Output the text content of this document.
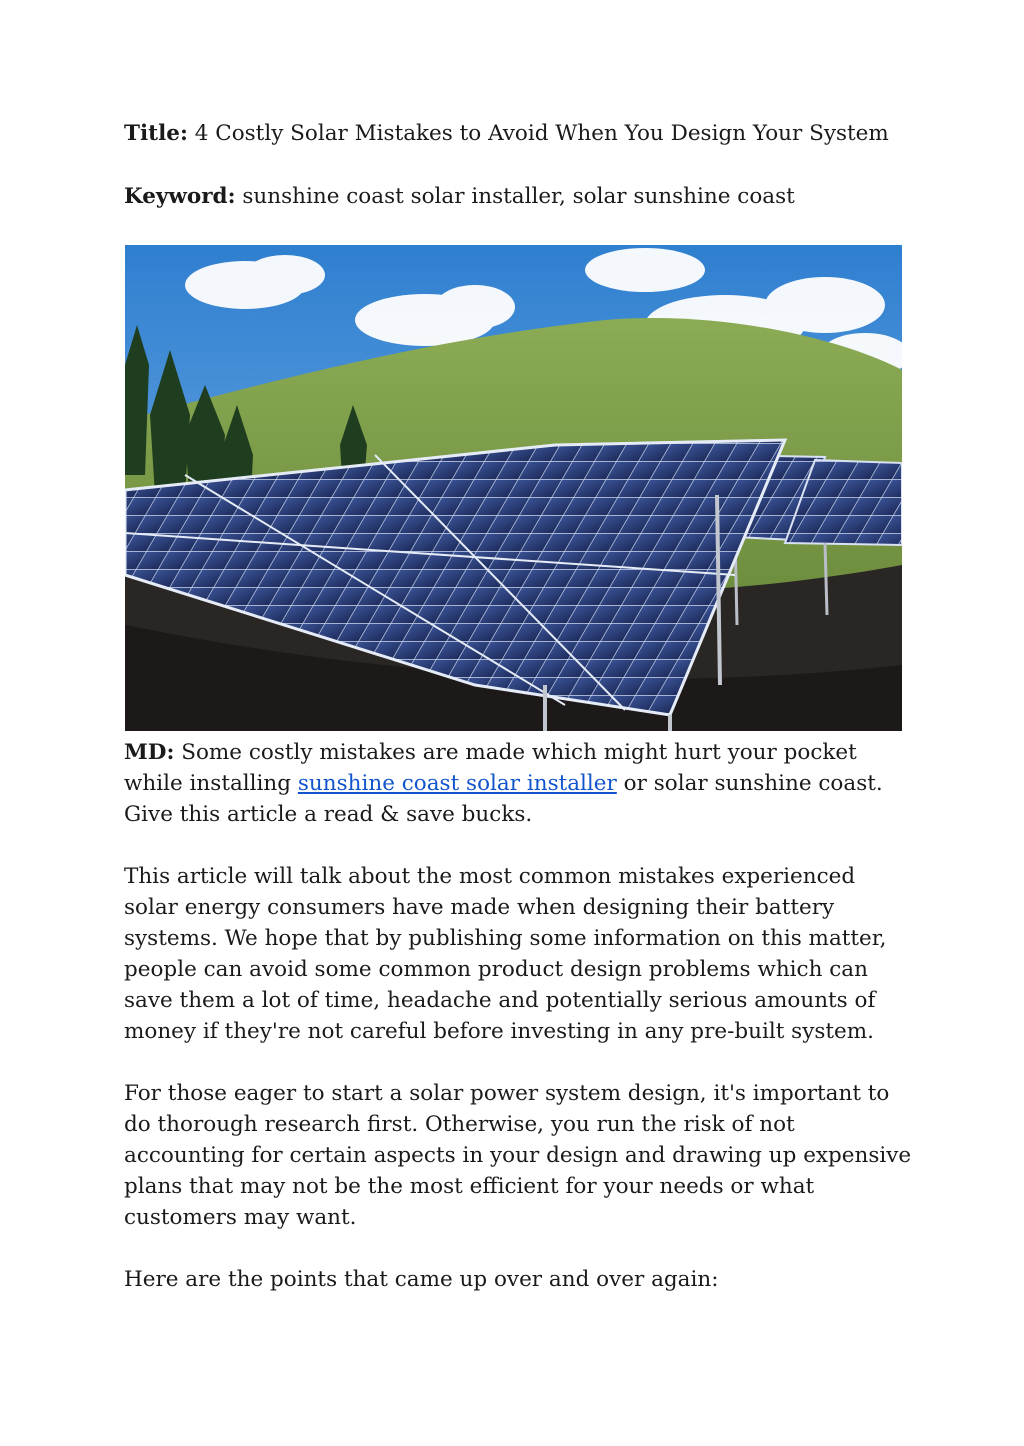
Title: 4 Costly Solar Mistakes to Avoid When You Design Your System

Keyword: sunshine coast solar installer, solar sunshine coast

MD: Some costly mistakes are made which might hurt your pocket while installing sunshine coast solar installer or solar sunshine coast. Give this article a read & save bucks.

This article will talk about the most common mistakes experienced solar energy consumers have made when designing their battery systems. We hope that by publishing some information on this matter, people can avoid some common product design problems which can save them a lot of time, headache and potentially serious amounts of money if they're not careful before investing in any pre-built system.

For those eager to start a solar power system design, it's important to do thorough research first. Otherwise, you run the risk of not accounting for certain aspects in your design and drawing up expensive plans that may not be the most efficient for your needs or what customers may want.

Here are the points that came up over and over again:
